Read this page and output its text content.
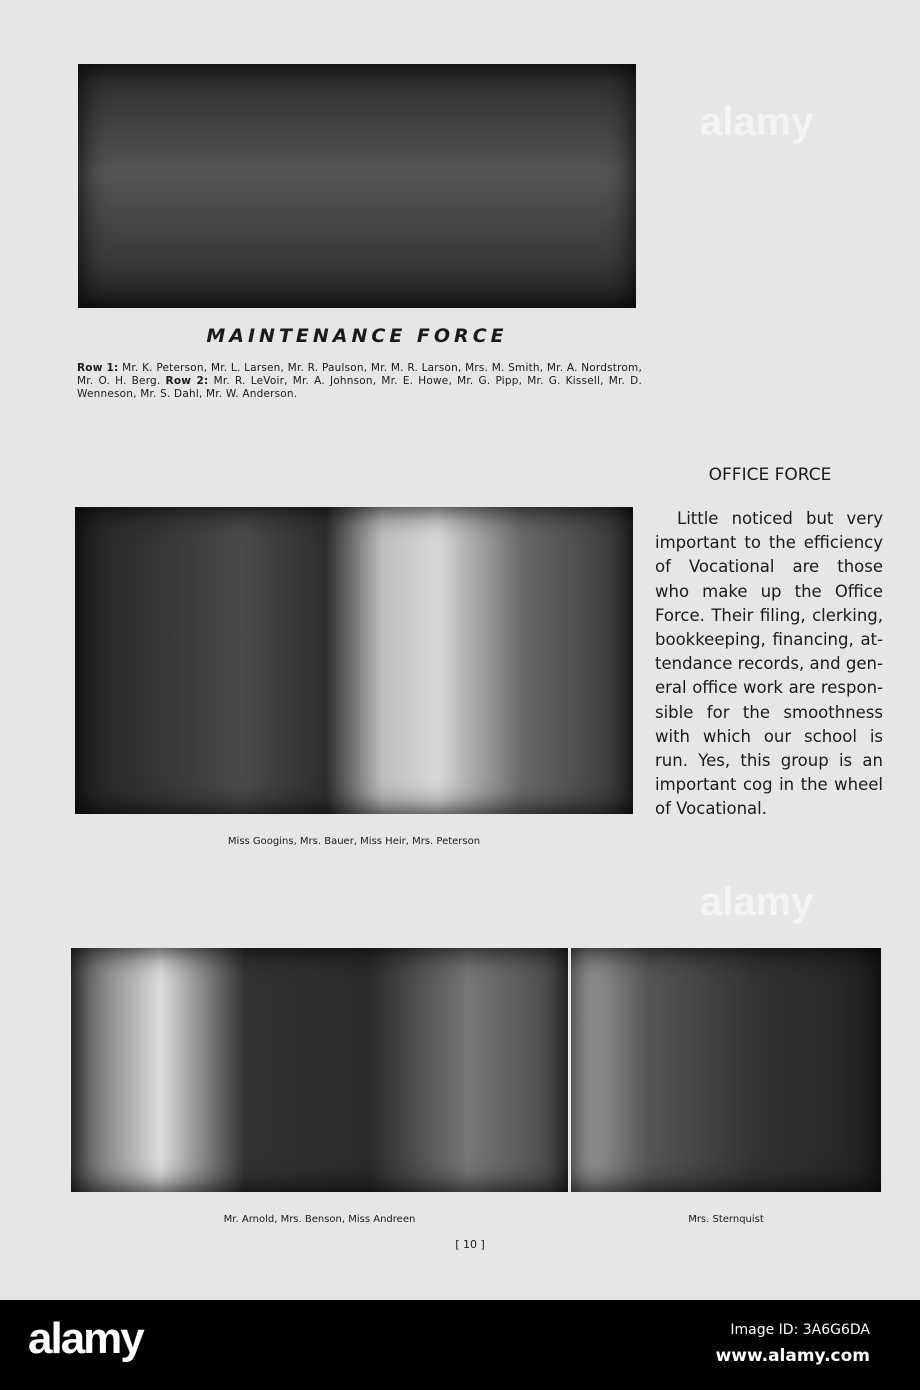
MAINTENANCE FORCE
Row 1: Mr. K. Peterson, Mr. L. Larsen, Mr. R. Paulson, Mr. M. R. Larson, Mrs. M. Smith, Mr. A. Nordstrom, Mr. O. H. Berg. Row 2: Mr. R. LeVoir, Mr. A. Johnson, Mr. E. Howe, Mr. G. Pipp, Mr. G. Kissell, Mr. D. Wenneson, Mr. S. Dahl, Mr. W. Anderson.
OFFICE FORCE
Little noticed but very important to the efficiency of Vocational are those who make up the Office Force. Their filing, clerking, bookkeeping, financing, attendance records, and general office work are responsible for the smoothness with which our school is run. Yes, this group is an important cog in the wheel of Vocational.
Miss Googins, Mrs. Bauer, Miss Heir, Mrs. Peterson
Mr. Arnold, Mrs. Benson, Miss Andreen	Mrs. Sternquist
[ 10 ]
alamy
alamy
alamy	Image ID: 3A6G6DA
www.alamy.com
